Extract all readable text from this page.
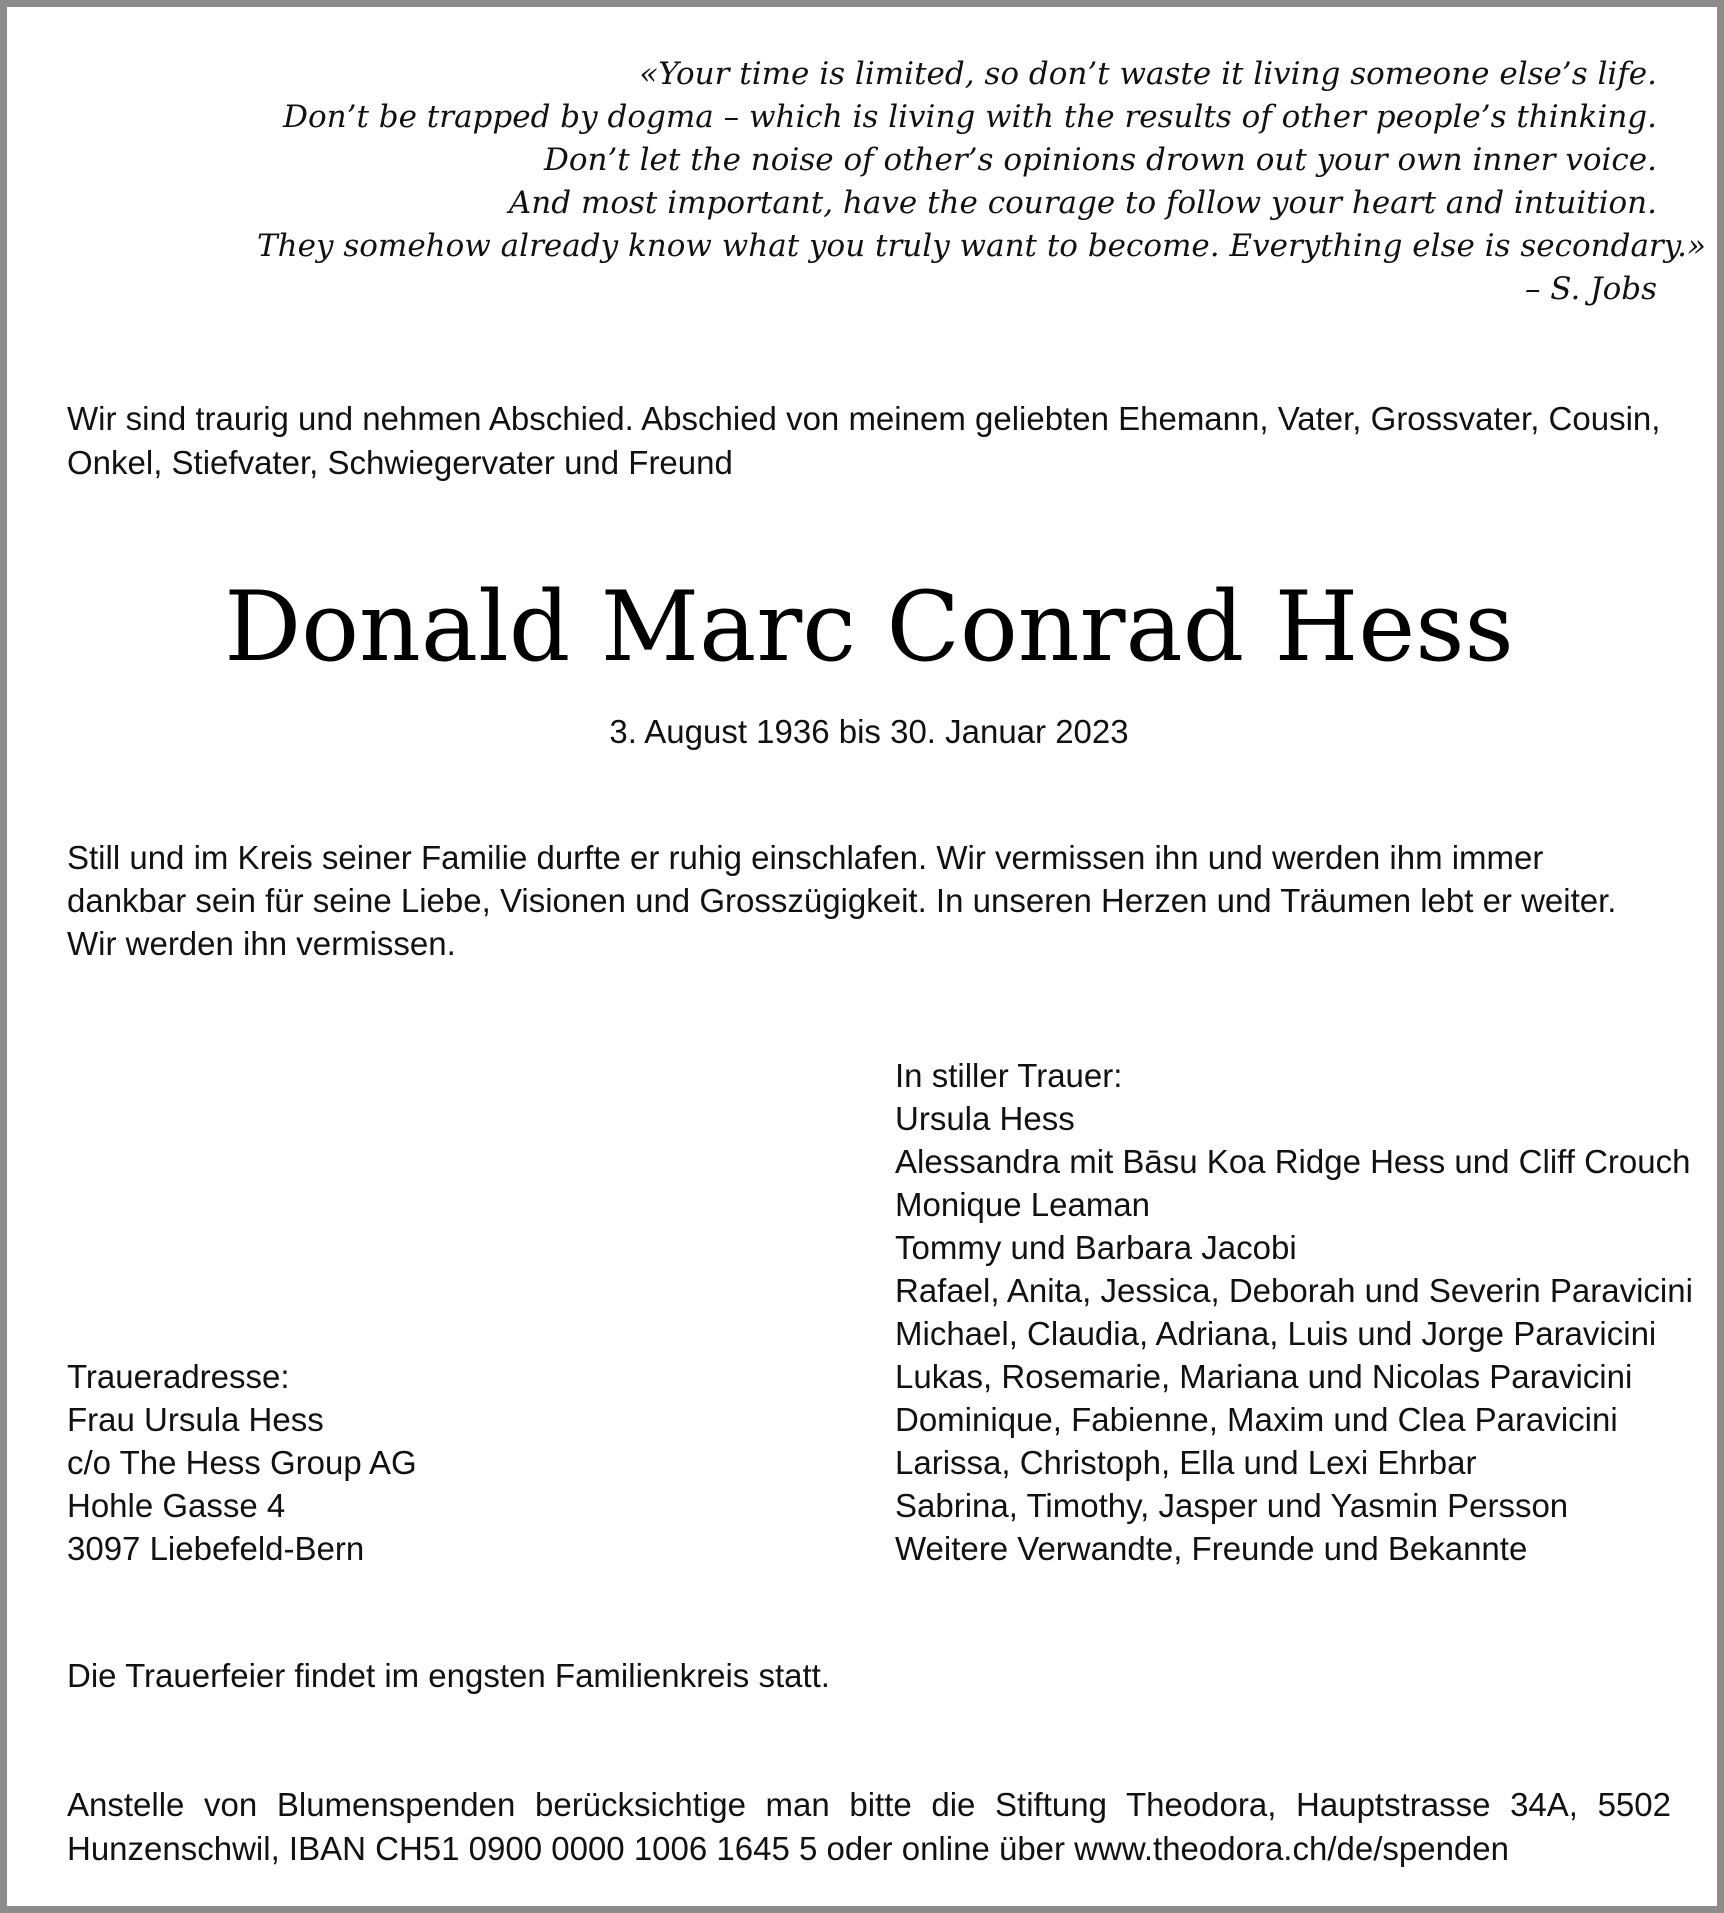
«Your time is limited, so don’t waste it living someone else’s life.
Don’t be trapped by dogma – which is living with the results of other people’s thinking.
Don’t let the noise of other’s opinions drown out your own inner voice.
And most important, have the courage to follow your heart and intuition.
They somehow already know what you truly want to become. Everything else is secondary.»
– S. Jobs
Wir sind traurig und nehmen Abschied. Abschied von meinem geliebten Ehemann, Vater, Grossvater, Cousin, Onkel, Stiefvater, Schwiegervater und Freund
Donald Marc Conrad Hess
3. August 1936 bis 30. Januar 2023
Still und im Kreis seiner Familie durfte er ruhig einschlafen. Wir vermissen ihn und werden ihm immer dankbar sein für seine Liebe, Visionen und Grosszügigkeit. In unseren Herzen und Träumen lebt er weiter. Wir werden ihn vermissen.
In stiller Trauer:
Ursula Hess
Alessandra mit Bāsu Koa Ridge Hess und Cliff Crouch
Monique Leaman
Tommy und Barbara Jacobi
Rafael, Anita, Jessica, Deborah und Severin Paravicini
Michael, Claudia, Adriana, Luis und Jorge Paravicini
Lukas, Rosemarie, Mariana und Nicolas Paravicini
Dominique, Fabienne, Maxim und Clea Paravicini
Larissa, Christoph, Ella und Lexi Ehrbar
Sabrina, Timothy, Jasper und Yasmin Persson
Weitere Verwandte, Freunde und Bekannte
Traueradresse:
Frau Ursula Hess
c/o The Hess Group AG
Hohle Gasse 4
3097 Liebefeld-Bern
Die Trauerfeier findet im engsten Familienkreis statt.
Anstelle von Blumenspenden berücksichtige man bitte die Stiftung Theodora, Hauptstrasse 34A, 5502 Hunzenschwil, IBAN CH51 0900 0000 1006 1645 5 oder online über www.theodora.ch/de/spenden
